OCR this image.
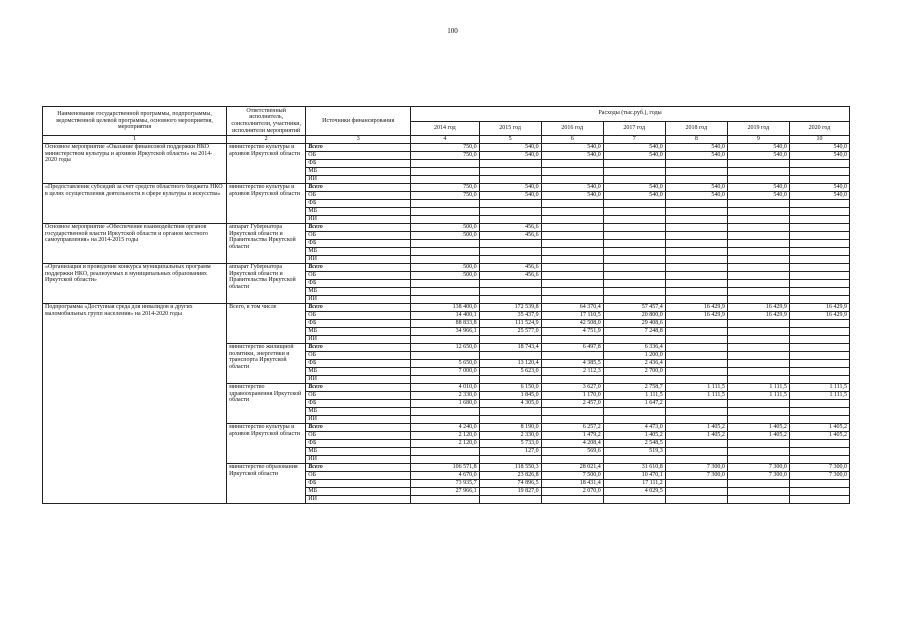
100
Наименование государственной программы, подпрограммы, ведомственной целевой программы, основного мероприятия, мероприятия	Ответственный исполнитель, соисполнители, участники, исполнители мероприятий	Источники финансирования	Расходы (тыс.руб.), годы						
			2014 год	2015 год	2016 год	2017 год	2018 год	2019 год	2020 год
1	2	3	4	5	6	7	8	9	10
Основное мероприятие «Оказание финансовой поддержки НКО министерством культуры и архивов Иркутской области» на 2014-2020 годы	министерство культуры и архивов Иркутской области	Всего	750,0	540,0	540,0	540,0	540,0	540,0	540,0
		ОБ	750,0	540,0	540,0	540,0	540,0	540,0	540,0
		ФБ							
		МБ							
		ИИ							
«Предоставление субсидий за счет средств областного бюджета НКО в целях осуществления деятельности в сфере культуры и искусства»	министерство культуры и архивов Иркутской области	Всего	750,0	540,0	540,0	540,0	540,0	540,0	540,0
		ОБ	750,0	540,0	540,0	540,0	540,0	540,0	540,0
		ФБ							
		МБ							
		ИИ							
Основное мероприятие «Обеспечение взаимодействия органов государственной власти Иркутской области и органов местного самоуправления» на 2014-2015 годы	аппарат Губернатора Иркутской области и Правительства Иркутской области	Всего	500,0	456,6					
		ОБ	500,0	456,6					
		ФБ							
		МБ							
		ИИ							
«Организация и проведение конкурса муниципальных программ поддержки НКО, реализуемых в муниципальных образованиях Иркутской области»	аппарат Губернатора Иркутской области и Правительства Иркутской области	Всего	500,0	456,6					
		ОБ	500,0	456,6					
		ФБ							
		МБ							
		ИИ							
Подпрограмма «Доступная среда для инвалидов и других маломобильных групп населения» на 2014-2020 годы	Всего, в том числе	Всего	138 400,0	172 539,8	64 370,4	57 457,4	16 429,9	16 429,9	16 429,9
		ОБ	14 400,1	35 437,9	17 110,5	20 800,0	16 429,9	16 429,9	16 429,9
		ФБ	88 833,8	111 524,9	42 508,0	29 408,6			
		МБ	34 966,1	25 577,0	4 751,9	7 248,8			
		ИИ							
	министерство жилищной политики, энергетики и транспорта Иркутской области	Всего	12 650,0	18 743,4	6 497,8	6 336,4			
		ОБ				1 200,0			
		ФБ	5 650,0	13 120,4	4 385,5	2 436,4			
		МБ	7 000,0	5 623,0	2 112,3	2 700,0			
		ИИ							
	министерство здравоохранения Иркутской области	Всего	4 010,0	6 150,0	3 627,0	2 758,7	1 111,5	1 111,5	1 111,5
		ОБ	2 330,0	1 845,0	1 170,0	1 111,5	1 111,5	1 111,5	1 111,5
		ФБ	1 680,0	4 305,0	2 457,0	1 647,2			
		МБ							
		ИИ							
	министерство культуры и архивов Иркутской области	Всего	4 240,0	8 190,0	6 257,2	4 473,0	1 405,2	1 405,2	1 405,2
		ОБ	2 120,0	2 330,0	1 479,2	1 405,2	1 405,2	1 405,2	1 405,2
		ФБ	2 120,0	5 733,0	4 208,4	2 548,5			
		МБ		127,0	569,6	519,3			
		ИИ							
	министерство образования Иркутской области	Всего	106 571,8	118 550,3	28 021,4	31 610,8	7 300,0	7 300,0	7 300,0
		ОБ	4 670,0	23 826,8	7 500,0	10 470,1	7 300,0	7 300,0	7 300,0
		ФБ	73 935,7	74 896,5	18 431,4	17 111,2			
		МБ	27 966,1	19 827,0	2 070,0	4 029,5			
		ИИ							
